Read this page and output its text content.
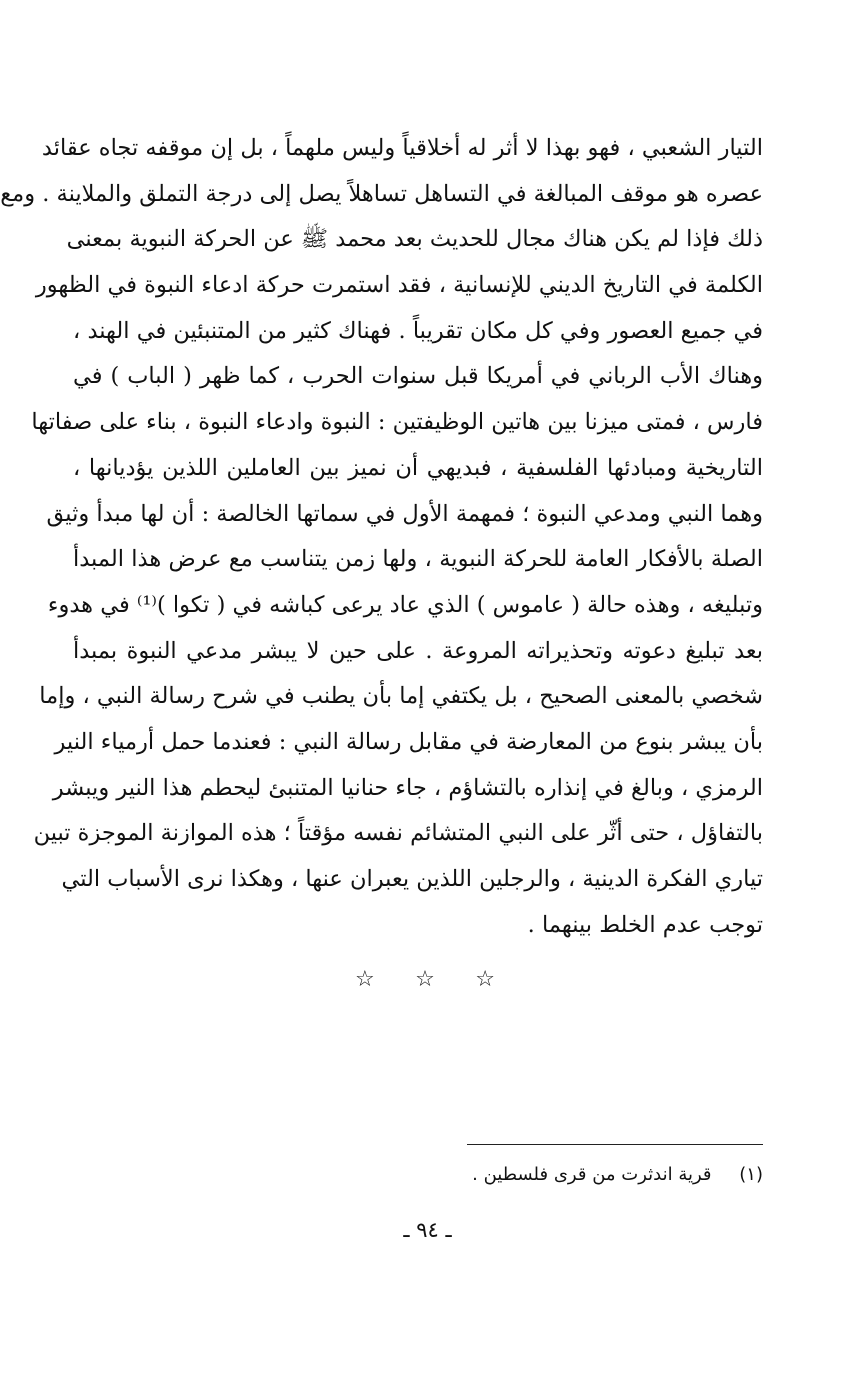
التيار الشعبي ، فهو بهذا لا أثر له أخلاقياً وليس ملهماً ، بل إن موقفه تجاه عقائد
عصره هو موقف المبالغة في التساهل تساهلاً يصل إلى درجة التملق والملاينة . ومع
ذلك فإذا لم يكن هناك مجال للحديث بعد محمد ﷺ عن الحركة النبوية بمعنى
الكلمة في التاريخ الديني للإنسانية ، فقد استمرت حركة ادعاء النبوة في الظهور
في جميع العصور وفي كل مكان تقريباً . فهناك كثير من المتنبئين في الهند ،
وهناك الأب الرباني في أمريكا قبل سنوات الحرب ، كما ظهر ( الباب ) في
فارس ، فمتى ميزنا بين هاتين الوظيفتين : النبوة وادعاء النبوة ، بناء على صفاتها
التاريخية ومبادئها الفلسفية ، فبديهي أن نميز بين العاملين اللذين يؤديانها ،
وهما النبي ومدعي النبوة ؛ فمهمة الأول في سماتها الخالصة : أن لها مبدأ وثيق
الصلة بالأفكار العامة للحركة النبوية ، ولها زمن يتناسب مع عرض هذا المبدأ
وتبليغه ، وهذه حالة ( عاموس ) الذي عاد يرعى كباشه في ( تكوا )⁽¹⁾ في هدوء
بعد تبليغ دعوته وتحذيراته المروعة . على حين لا يبشر مدعي النبوة بمبدأ
شخصي بالمعنى الصحيح ، بل يكتفي إما بأن يطنب في شرح رسالة النبي ، وإما
بأن يبشر بنوع من المعارضة في مقابل رسالة النبي : فعندما حمل أرمياء النير
الرمزي ، وبالغ في إنذاره بالتشاؤم ، جاء حنانيا المتنبئ ليحطم هذا النير ويبشر
بالتفاؤل ، حتى أثّر على النبي المتشائم نفسه مؤقتاً ؛ هذه الموازنة الموجزة تبين
تياري الفكرة الدينية ، والرجلين اللذين يعبران عنها ، وهكذا نرى الأسباب التي
توجب عدم الخلط بينهما .
☆ ☆ ☆
(١) قرية اندثرت من قرى فلسطين .
ـ ٩٤ ـ
